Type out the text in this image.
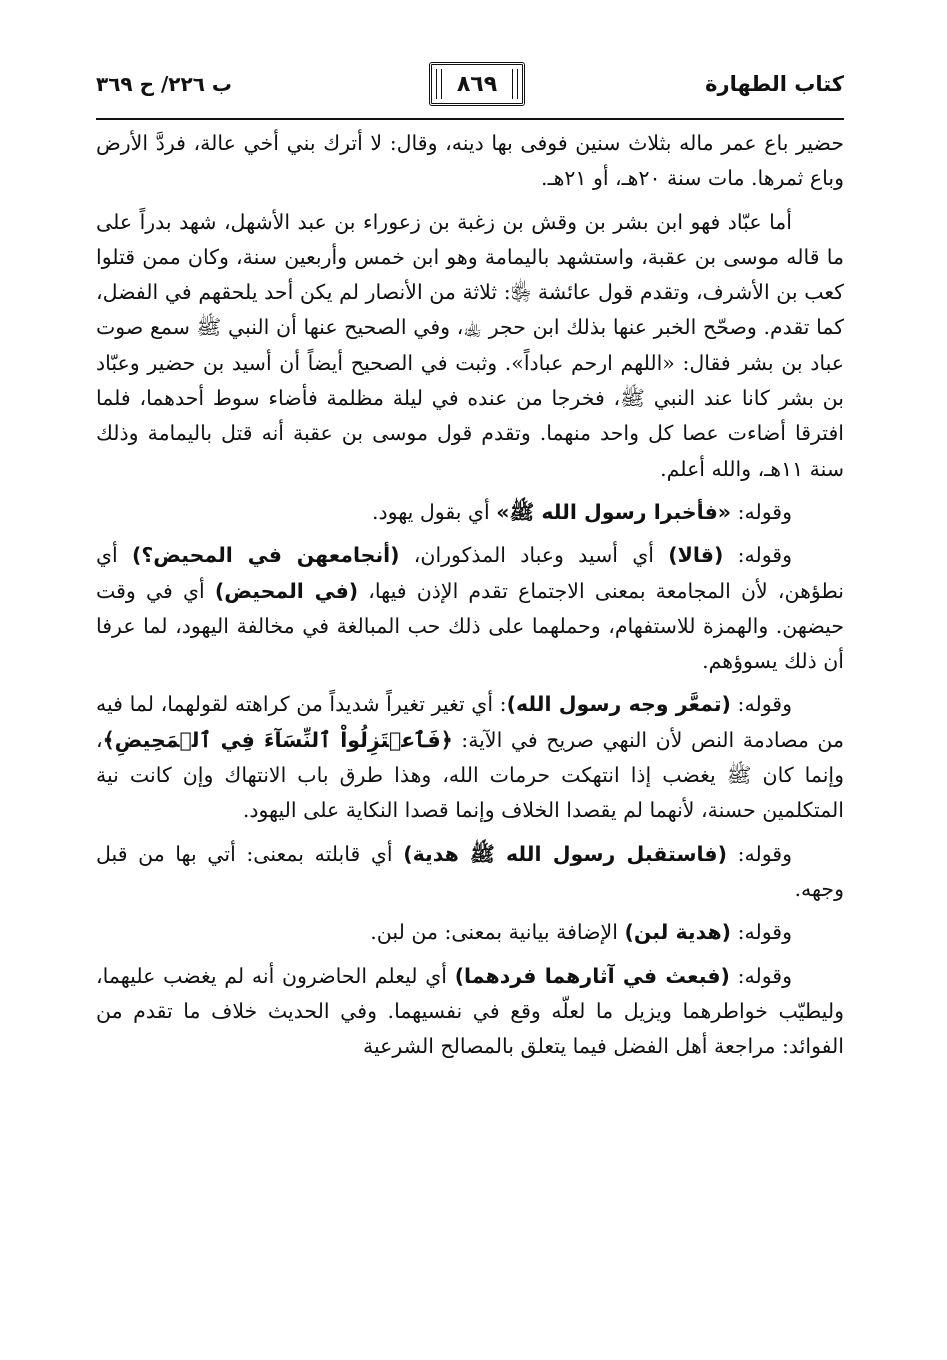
كتاب الطهارة
٨٦٩
ب ٢٢٦/ ح ٣٦٩

حضير باع عمر ماله بثلاث سنين فوفى بها دينه، وقال: لا أترك بني أخي عالة، فردَّ الأرض وباع ثمرها. مات سنة ٢٠هـ، أو ٢١هـ.

أما عبّاد فهو ابن بشر بن وقش بن زغبة بن زعوراء بن عبد الأشهل، شهد بدراً على ما قاله موسى بن عقبة، واستشهد باليمامة وهو ابن خمس وأربعين سنة، وكان ممن قتلوا كعب بن الأشرف، وتقدم قول عائشة ﵂: ثلاثة من الأنصار لم يكن أحد يلحقهم في الفضل، كما تقدم. وصحّح الخبر عنها بذلك ابن حجر ﵀، وفي الصحيح عنها أن النبي ﷺ سمع صوت عباد بن بشر فقال: «اللهم ارحم عباداً». وثبت في الصحيح أيضاً أن أسيد بن حضير وعبّاد بن بشر كانا عند النبي ﷺ، فخرجا من عنده في ليلة مظلمة فأضاء سوط أحدهما، فلما افترقا أضاءت عصا كل واحد منهما. وتقدم قول موسى بن عقبة أنه قتل باليمامة وذلك سنة ١١هـ، والله أعلم.

وقوله: «فأخبرا رسول الله ﷺ» أي بقول يهود.

وقوله: (قالا) أي أسيد وعباد المذكوران، (أنجامعهن في المحيض؟) أي نطؤهن، لأن المجامعة بمعنى الاجتماع تقدم الإذن فيها، (في المحيض) أي في وقت حيضهن. والهمزة للاستفهام، وحملهما على ذلك حب المبالغة في مخالفة اليهود، لما عرفا أن ذلك يسوؤهم.

وقوله: (تمعَّر وجه رسول الله): أي تغير تغيراً شديداً من كراهته لقولهما، لما فيه من مصادمة النص لأن النهي صريح في الآية: ﴿فَٱعۡتَزِلُواْ ٱلنِّسَآءَ فِي ٱلۡمَحِيضِ﴾، وإنما كان ﷺ يغضب إذا انتهكت حرمات الله، وهذا طرق باب الانتهاك وإن كانت نية المتكلمين حسنة، لأنهما لم يقصدا الخلاف وإنما قصدا النكاية على اليهود.

وقوله: (فاستقبل رسول الله ﷺ هدية) أي قابلته بمعنى: أتي بها من قبل وجهه.

وقوله: (هدية لبن) الإضافة بيانية بمعنى: من لبن.

وقوله: (فبعث في آثارهما فردهما) أي ليعلم الحاضرون أنه لم يغضب عليهما، وليطيّب خواطرهما ويزيل ما لعلّه وقع في نفسيهما. وفي الحديث خلاف ما تقدم من الفوائد: مراجعة أهل الفضل فيما يتعلق بالمصالح الشرعية
